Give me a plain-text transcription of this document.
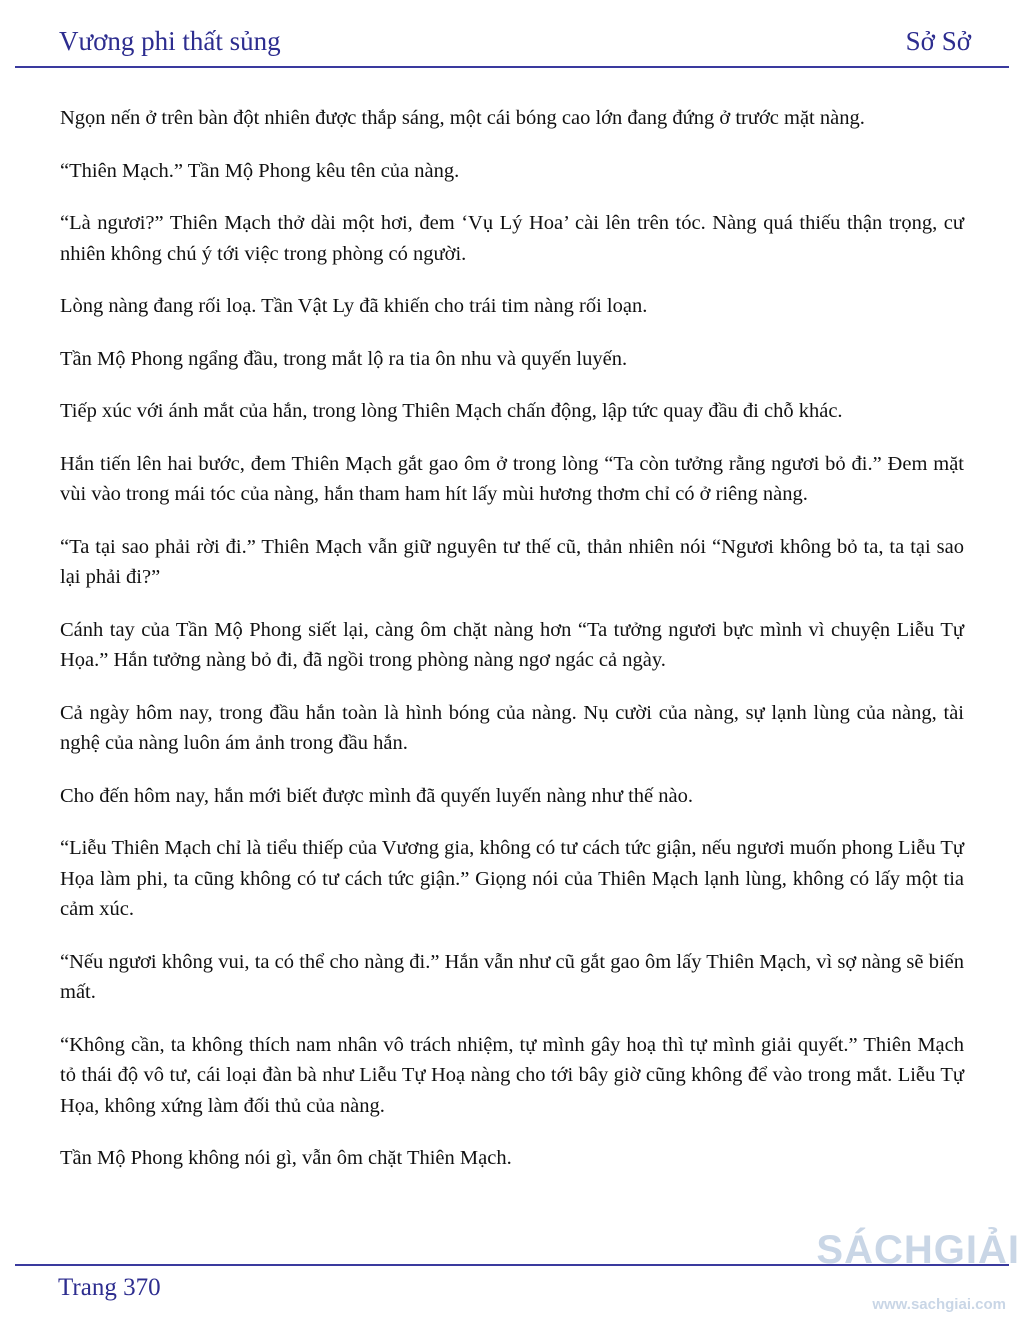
Vương phi thất sủng	Sở Sở

Ngọn nến ở trên bàn đột nhiên được thắp sáng, một cái bóng cao lớn đang đứng ở trước mặt nàng.

“Thiên Mạch.” Tần Mộ Phong kêu tên của nàng.

“Là ngươi?” Thiên Mạch thở dài một hơi, đem ‘Vụ Lý Hoa’ cài lên trên tóc. Nàng quá thiếu thận trọng, cư nhiên không chú ý tới việc trong phòng có người.

Lòng nàng đang rối loạ. Tần Vật Ly đã khiến cho trái tim nàng rối loạn.

Tần Mộ Phong ngẩng đầu, trong mắt lộ ra tia ôn nhu và quyến luyến.

Tiếp xúc với ánh mắt của hắn, trong lòng Thiên Mạch chấn động, lập tức quay đầu đi chỗ khác.

Hắn tiến lên hai bước, đem Thiên Mạch gắt gao ôm ở trong lòng “Ta còn tưởng rằng ngươi bỏ đi.” Đem mặt vùi vào trong mái tóc của nàng, hắn tham ham hít lấy mùi hương thơm chỉ có ở riêng nàng.

“Ta tại sao phải rời đi.” Thiên Mạch vẫn giữ nguyên tư thế cũ, thản nhiên nói “Ngươi không bỏ ta, ta tại sao lại phải đi?”

Cánh tay của Tần Mộ Phong siết lại, càng ôm chặt nàng hơn “Ta tưởng ngươi bực mình vì chuyện Liễu Tự Họa.” Hắn tưởng nàng bỏ đi, đã ngồi trong phòng nàng ngơ ngác cả ngày.

Cả ngày hôm nay, trong đầu hắn toàn là hình bóng của nàng. Nụ cười của nàng, sự lạnh lùng của nàng, tài nghệ của nàng luôn ám ảnh trong đầu hắn.

Cho đến hôm nay, hắn mới biết được mình đã quyến luyến nàng như thế nào.

“Liễu Thiên Mạch chỉ là tiểu thiếp của Vương gia, không có tư cách tức giận, nếu ngươi muốn phong Liễu Tự Họa làm phi, ta cũng không có tư cách tức giận.” Giọng nói của Thiên Mạch lạnh lùng, không có lấy một tia cảm xúc.

“Nếu ngươi không vui, ta có thể cho nàng đi.” Hắn vẫn như cũ gắt gao ôm lấy Thiên Mạch, vì sợ nàng sẽ biến mất.

“Không cần, ta không thích nam nhân vô trách nhiệm, tự mình gây hoạ thì tự mình giải quyết.” Thiên Mạch tỏ thái độ vô tư, cái loại đàn bà như Liễu Tự Hoạ nàng cho tới bây giờ cũng không để vào trong mắt. Liễu Tự Họa, không xứng làm đối thủ của nàng.

Tần Mộ Phong không nói gì, vẫn ôm chặt Thiên Mạch.

Trang 370
SÁCHGIẢI
www.sachgiai.com
